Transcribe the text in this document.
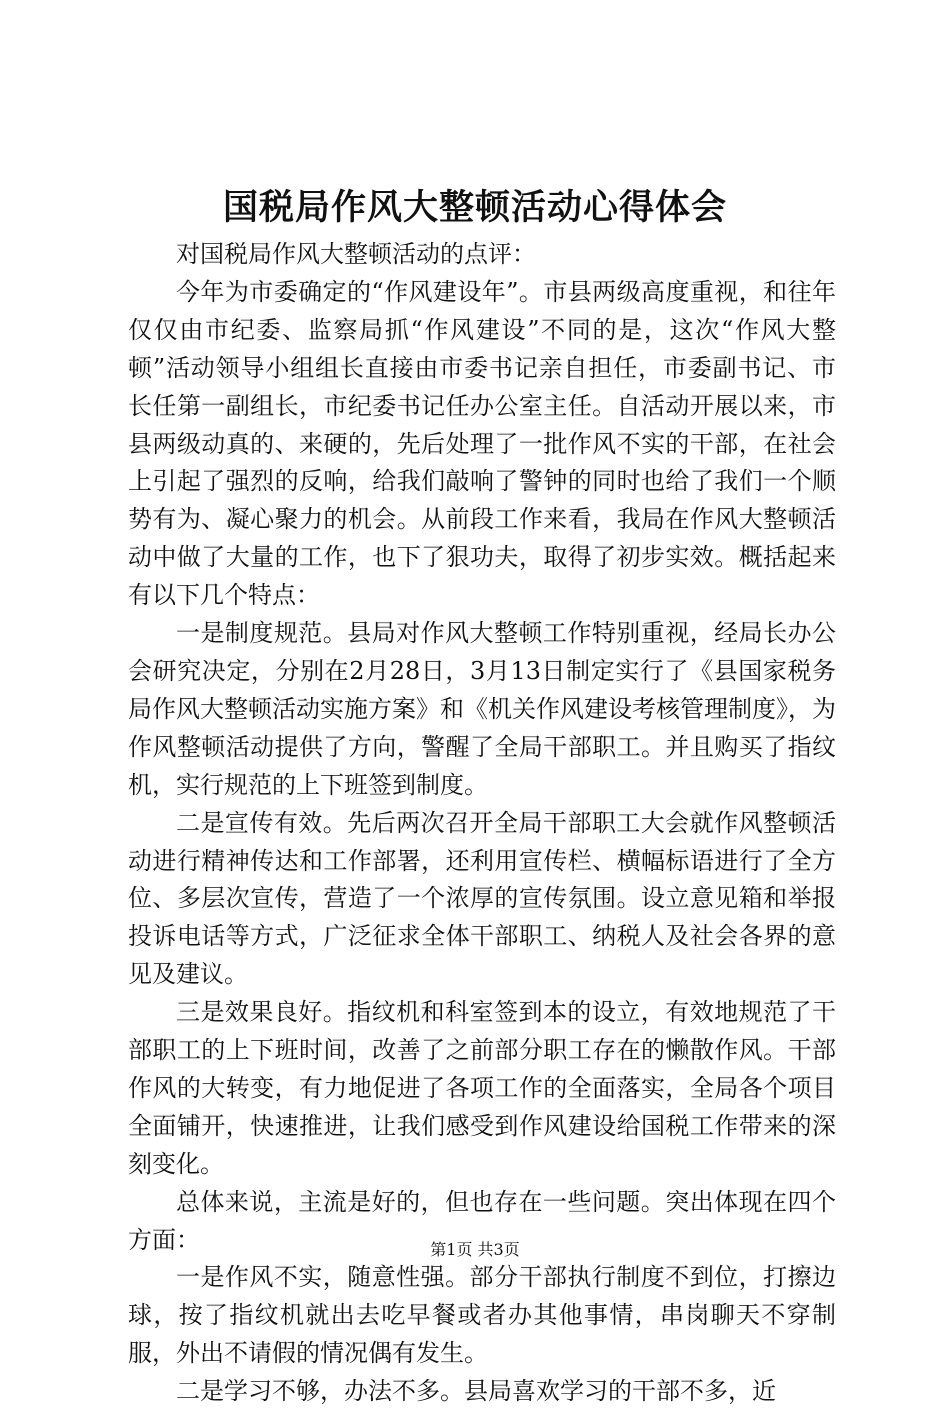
国税局作风大整顿活动心得体会

对国税局作风大整顿活动的点评：

今年为市委确定的“作风建设年”。市县两级高度重视，和往年仅仅由市纪委、监察局抓“作风建设”不同的是，这次“作风大整顿”活动领导小组组长直接由市委书记亲自担任，市委副书记、市长任第一副组长，市纪委书记任办公室主任。自活动开展以来，市县两级动真的、来硬的，先后处理了一批作风不实的干部，在社会上引起了强烈的反响，给我们敲响了警钟的同时也给了我们一个顺势有为、凝心聚力的机会。从前段工作来看，我局在作风大整顿活动中做了大量的工作，也下了狠功夫，取得了初步实效。概括起来有以下几个特点：

一是制度规范。县局对作风大整顿工作特别重视，经局长办公会研究决定，分别在2月28日，3月13日制定实行了《县国家税务局作风大整顿活动实施方案》和《机关作风建设考核管理制度》，为作风整顿活动提供了方向，警醒了全局干部职工。并且购买了指纹机，实行规范的上下班签到制度。

二是宣传有效。先后两次召开全局干部职工大会就作风整顿活动进行精神传达和工作部署，还利用宣传栏、横幅标语进行了全方位、多层次宣传，营造了一个浓厚的宣传氛围。设立意见箱和举报投诉电话等方式，广泛征求全体干部职工、纳税人及社会各界的意见及建议。

三是效果良好。指纹机和科室签到本的设立，有效地规范了干部职工的上下班时间，改善了之前部分职工存在的懒散作风。干部作风的大转变，有力地促进了各项工作的全面落实，全局各个项目全面铺开，快速推进，让我们感受到作风建设给国税工作带来的深刻变化。

总体来说，主流是好的，但也存在一些问题。突出体现在四个方面：

一是作风不实，随意性强。部分干部执行制度不到位，打擦边球，按了指纹机就出去吃早餐或者办其他事情，串岗聊天不穿制服，外出不请假的情况偶有发生。

二是学习不够，办法不多。县局喜欢学习的干部不多，近

第1页 共3页
